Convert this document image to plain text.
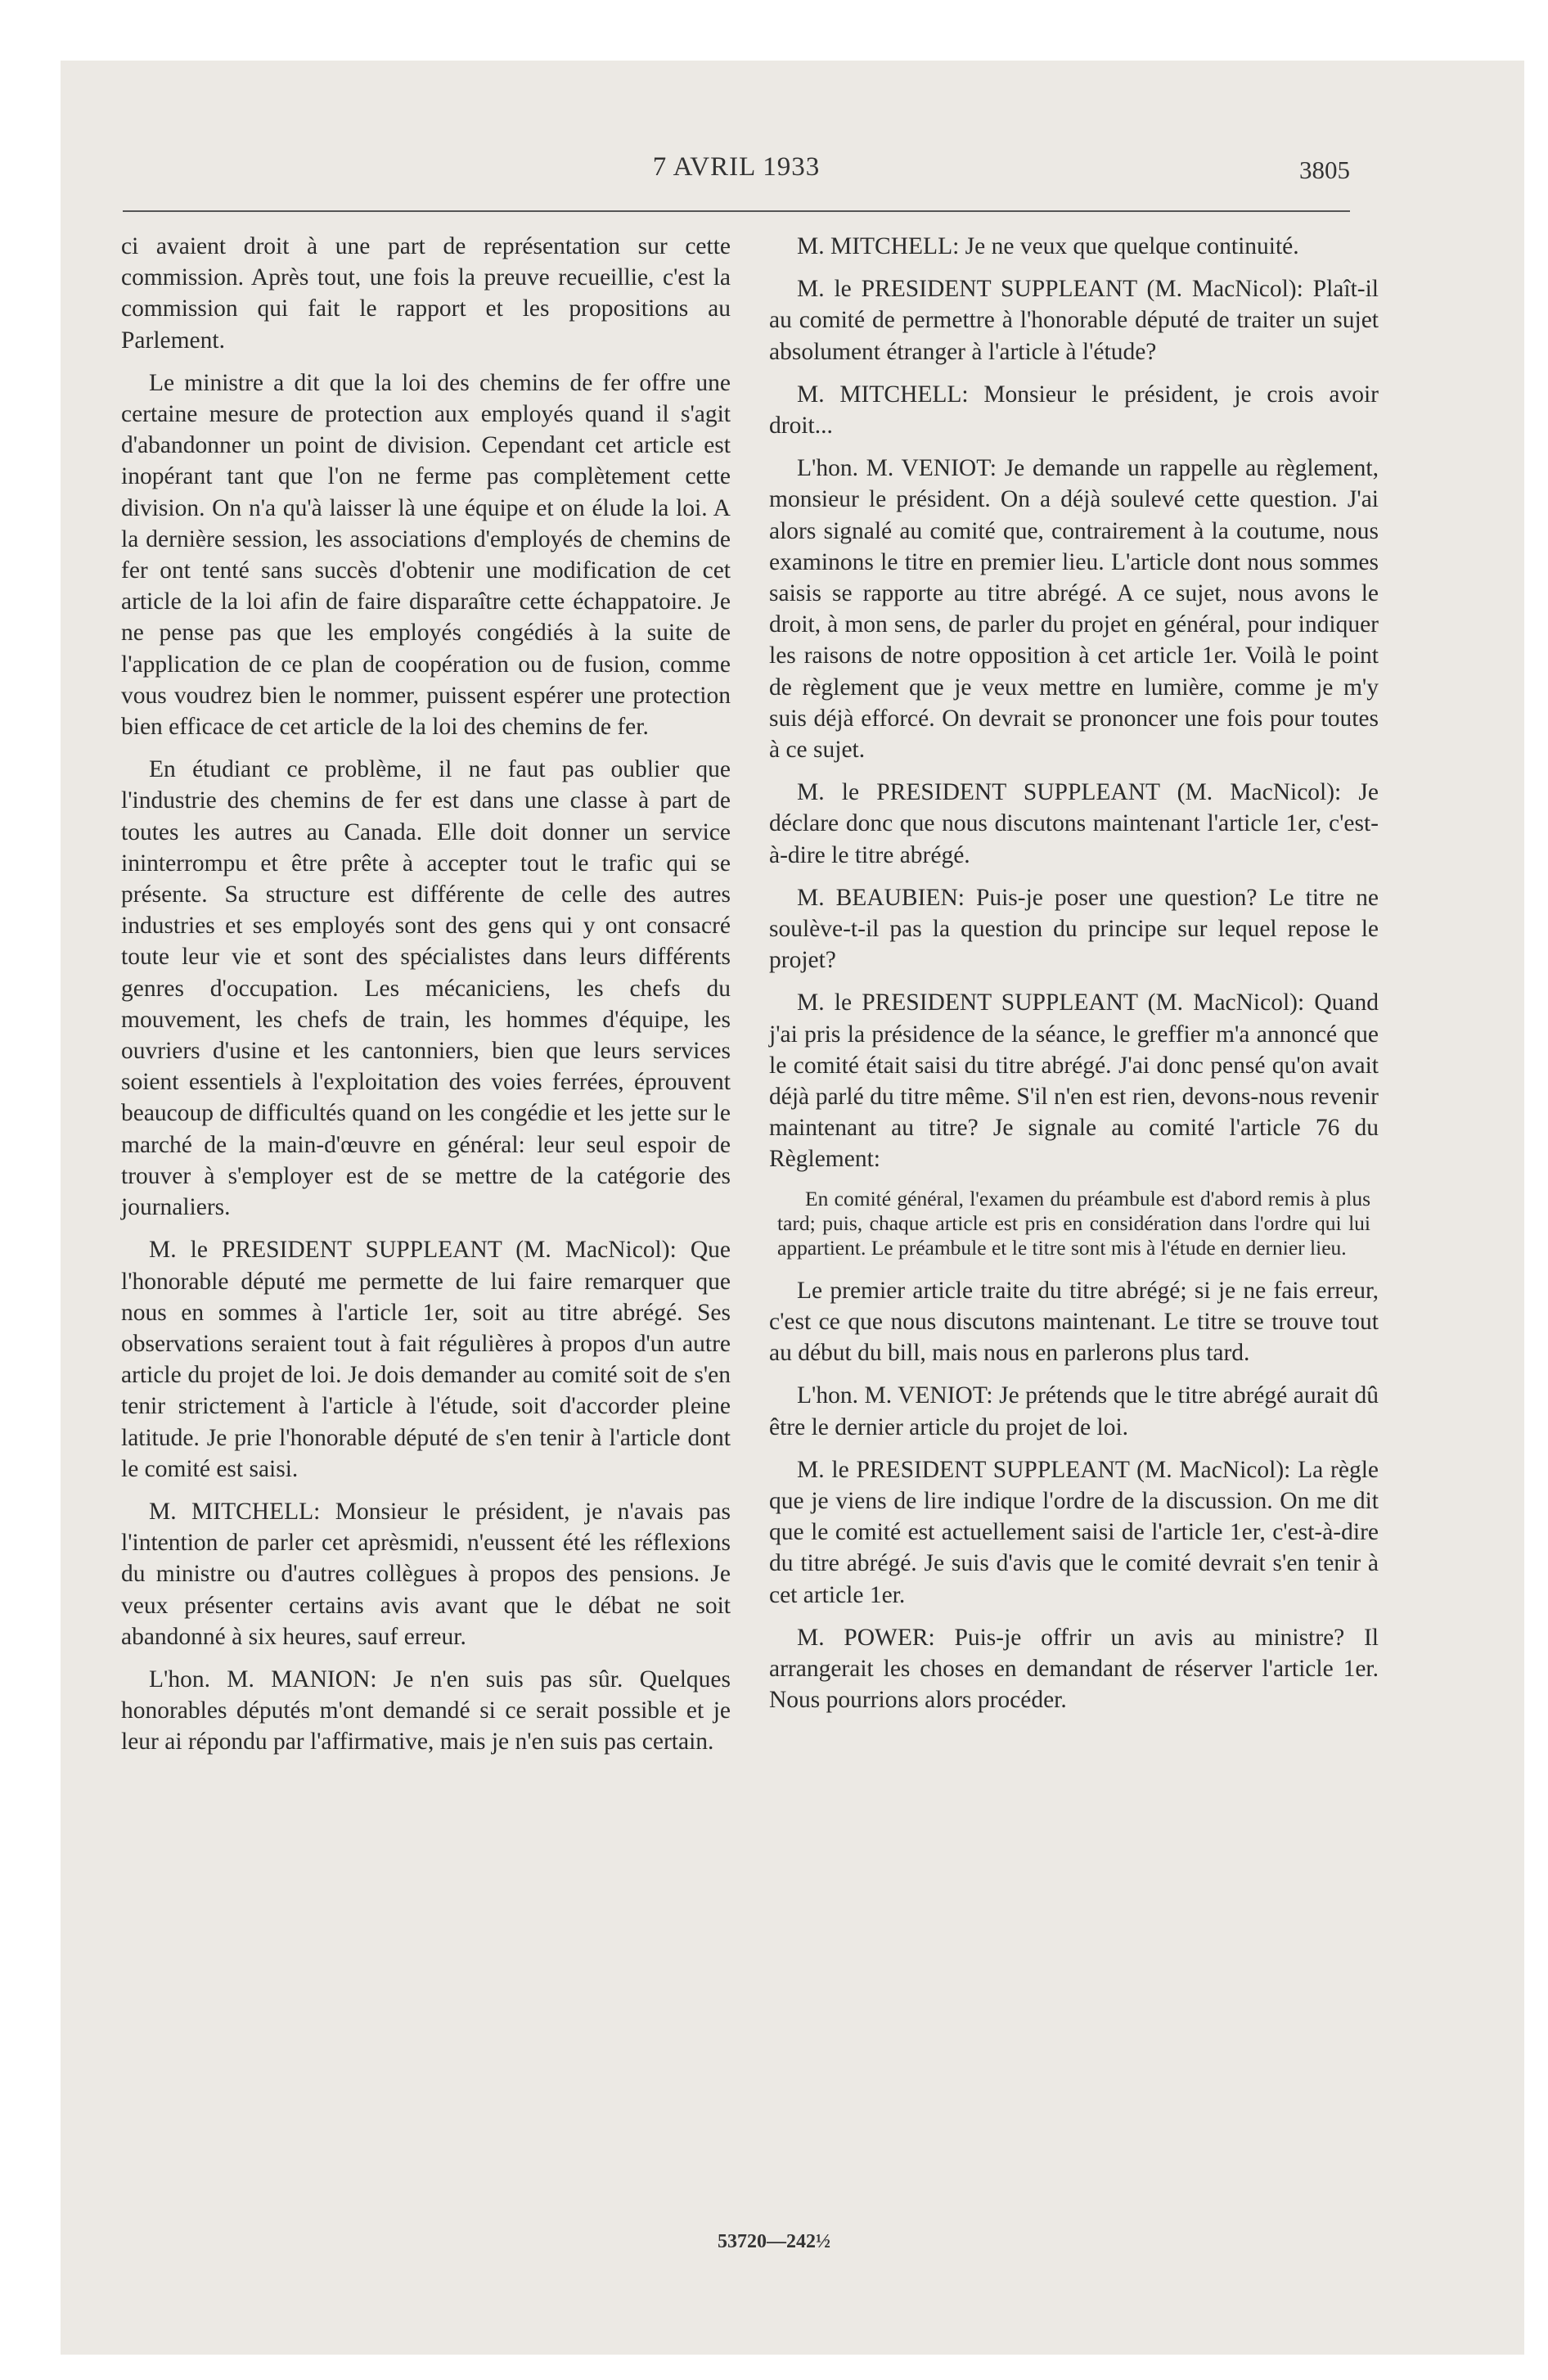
7 AVRIL 1933	3805

ci avaient droit à une part de représentation sur cette commission. Après tout, une fois la preuve recueillie, c'est la commission qui fait le rapport et les propositions au Parlement.

Le ministre a dit que la loi des chemins de fer offre une certaine mesure de protection aux employés quand il s'agit d'abandonner un point de division. Cependant cet article est inopérant tant que l'on ne ferme pas complètement cette division. On n'a qu'à laisser là une équipe et on élude la loi. A la dernière session, les associations d'employés de chemins de fer ont tenté sans succès d'obtenir une modification de cet article de la loi afin de faire disparaître cette échappatoire. Je ne pense pas que les employés congédiés à la suite de l'application de ce plan de coopération ou de fusion, comme vous voudrez bien le nommer, puissent espérer une protection bien efficace de cet article de la loi des chemins de fer.

En étudiant ce problème, il ne faut pas oublier que l'industrie des chemins de fer est dans une classe à part de toutes les autres au Canada. Elle doit donner un service ininterrompu et être prête à accepter tout le trafic qui se présente. Sa structure est différente de celle des autres industries et ses employés sont des gens qui y ont consacré toute leur vie et sont des spécialistes dans leurs différents genres d'occupation. Les mécaniciens, les chefs du mouvement, les chefs de train, les hommes d'équipe, les ouvriers d'usine et les cantonniers, bien que leurs services soient essentiels à l'exploitation des voies ferrées, éprouvent beaucoup de difficultés quand on les congédie et les jette sur le marché de la main-d'œuvre en général: leur seul espoir de trouver à s'employer est de se mettre de la catégorie des journaliers.

M. le PRESIDENT SUPPLEANT (M. MacNicol): Que l'honorable député me permette de lui faire remarquer que nous en sommes à l'article 1er, soit au titre abrégé. Ses observations seraient tout à fait régulières à propos d'un autre article du projet de loi. Je dois demander au comité soit de s'en tenir strictement à l'article à l'étude, soit d'accorder pleine latitude. Je prie l'honorable député de s'en tenir à l'article dont le comité est saisi.

M. MITCHELL: Monsieur le président, je n'avais pas l'intention de parler cet aprèsmidi, n'eussent été les réflexions du ministre ou d'autres collègues à propos des pensions. Je veux présenter certains avis avant que le débat ne soit abandonné à six heures, sauf erreur.

L'hon. M. MANION: Je n'en suis pas sûr. Quelques honorables députés m'ont demandé si ce serait possible et je leur ai répondu par l'affirmative, mais je n'en suis pas certain.

M. MITCHELL: Je ne veux que quelque continuité.

M. le PRESIDENT SUPPLEANT (M. MacNicol): Plaît-il au comité de permettre à l'honorable député de traiter un sujet absolument étranger à l'article à l'étude?

M. MITCHELL: Monsieur le président, je crois avoir droit...

L'hon. M. VENIOT: Je demande un rappelle au règlement, monsieur le président. On a déjà soulevé cette question. J'ai alors signalé au comité que, contrairement à la coutume, nous examinons le titre en premier lieu. L'article dont nous sommes saisis se rapporte au titre abrégé. A ce sujet, nous avons le droit, à mon sens, de parler du projet en général, pour indiquer les raisons de notre opposition à cet article 1er. Voilà le point de règlement que je veux mettre en lumière, comme je m'y suis déjà efforcé. On devrait se prononcer une fois pour toutes à ce sujet.

M. le PRESIDENT SUPPLEANT (M. MacNicol): Je déclare donc que nous discutons maintenant l'article 1er, c'est-à-dire le titre abrégé.

M. BEAUBIEN: Puis-je poser une question? Le titre ne soulève-t-il pas la question du principe sur lequel repose le projet?

M. le PRESIDENT SUPPLEANT (M. MacNicol): Quand j'ai pris la présidence de la séance, le greffier m'a annoncé que le comité était saisi du titre abrégé. J'ai donc pensé qu'on avait déjà parlé du titre même. S'il n'en est rien, devons-nous revenir maintenant au titre? Je signale au comité l'article 76 du Règlement:

En comité général, l'examen du préambule est d'abord remis à plus tard; puis, chaque article est pris en considération dans l'ordre qui lui appartient. Le préambule et le titre sont mis à l'étude en dernier lieu.

Le premier article traite du titre abrégé; si je ne fais erreur, c'est ce que nous discutons maintenant. Le titre se trouve tout au début du bill, mais nous en parlerons plus tard.

L'hon. M. VENIOT: Je prétends que le titre abrégé aurait dû être le dernier article du projet de loi.

M. le PRESIDENT SUPPLEANT (M. MacNicol): La règle que je viens de lire indique l'ordre de la discussion. On me dit que le comité est actuellement saisi de l'article 1er, c'est-à-dire du titre abrégé. Je suis d'avis que le comité devrait s'en tenir à cet article 1er.

M. POWER: Puis-je offrir un avis au ministre? Il arrangerait les choses en demandant de réserver l'article 1er. Nous pourrions alors procéder.

53720—242½
